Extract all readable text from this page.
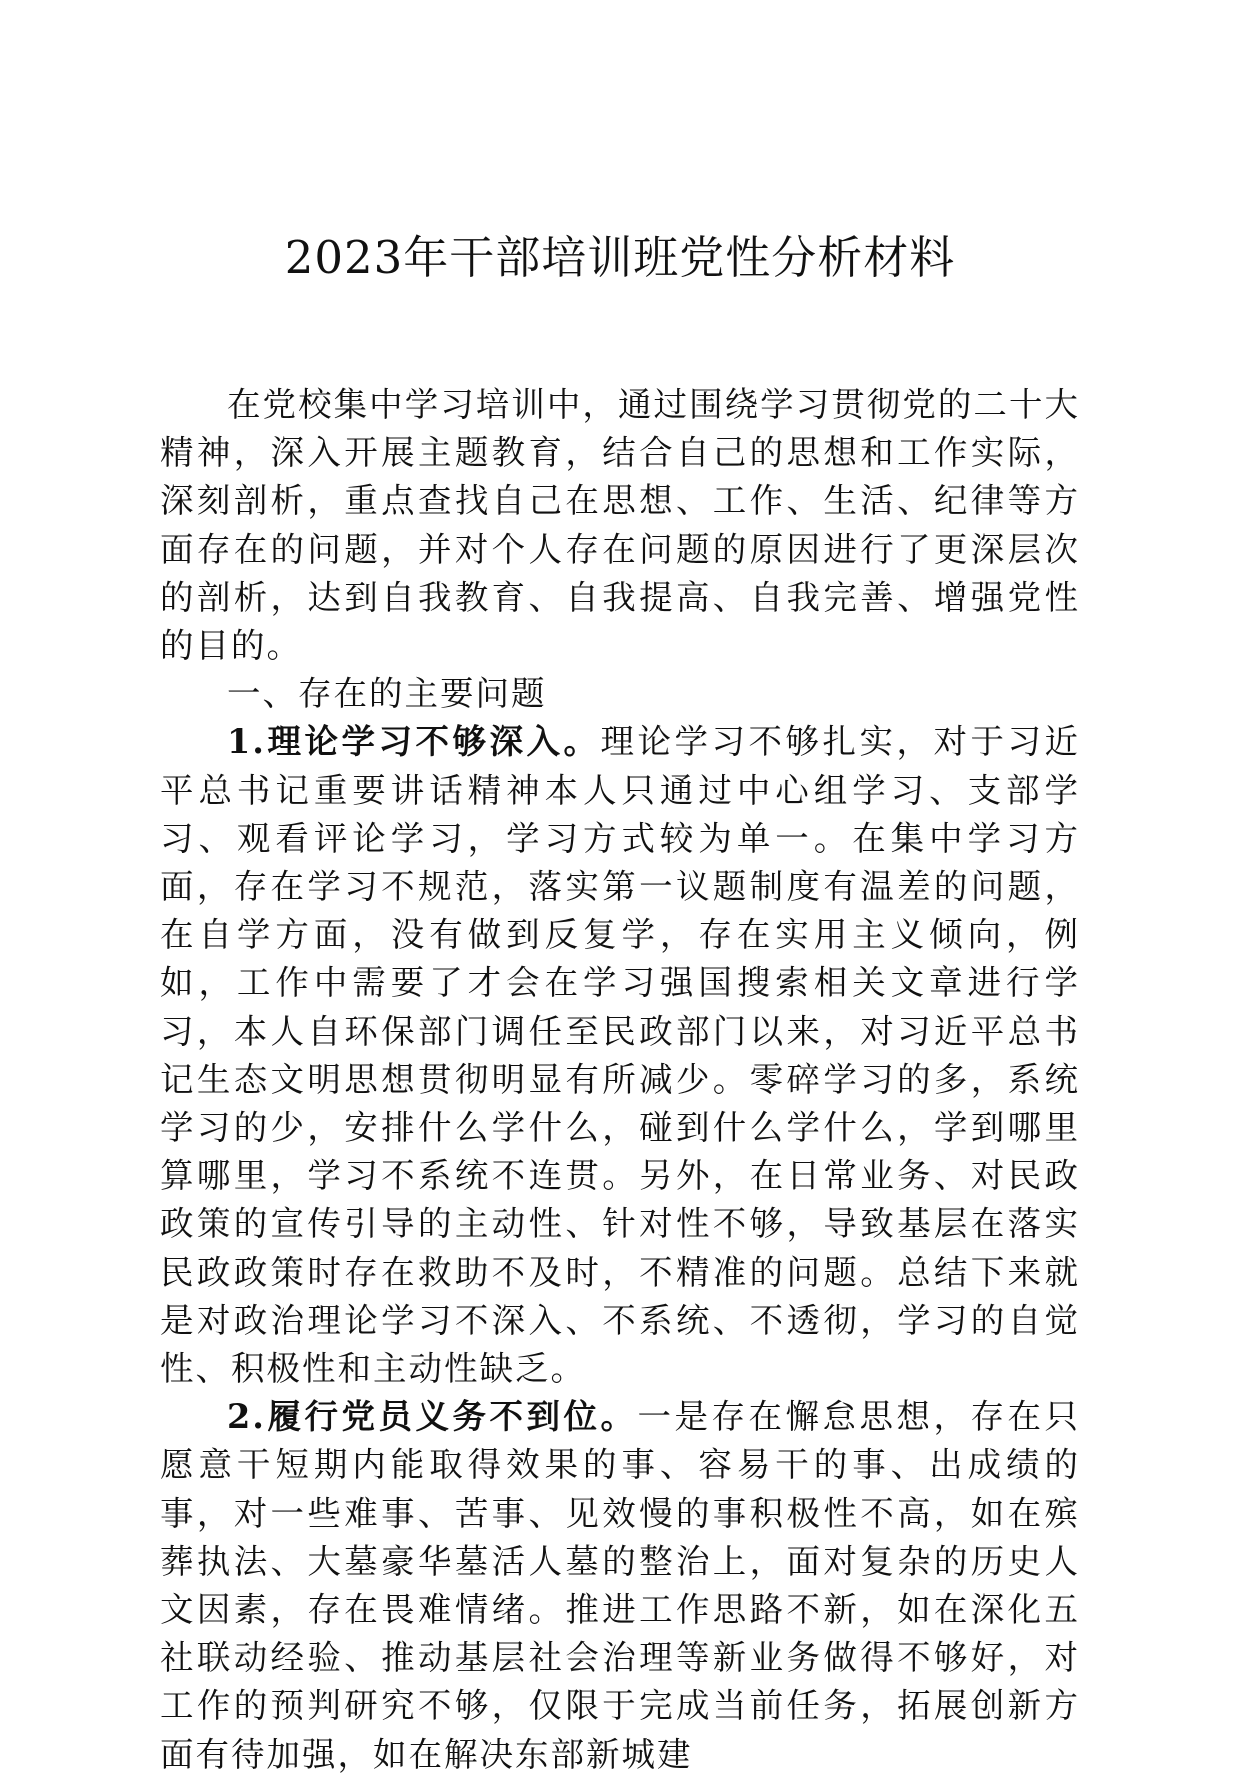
2023年干部培训班党性分析材料

在党校集中学习培训中，通过围绕学习贯彻党的二十大精神，深入开展主题教育，结合自己的思想和工作实际，深刻剖析，重点查找自己在思想、工作、生活、纪律等方面存在的问题，并对个人存在问题的原因进行了更深层次的剖析，达到自我教育、自我提高、自我完善、增强党性的目的。

一、存在的主要问题

1.理论学习不够深入。理论学习不够扎实，对于习近平总书记重要讲话精神本人只通过中心组学习、支部学习、观看评论学习，学习方式较为单一。在集中学习方面，存在学习不规范，落实第一议题制度有温差的问题，在自学方面，没有做到反复学，存在实用主义倾向，例如，工作中需要了才会在学习强国搜索相关文章进行学习，本人自环保部门调任至民政部门以来，对习近平总书记生态文明思想贯彻明显有所减少。零碎学习的多，系统学习的少，安排什么学什么，碰到什么学什么，学到哪里算哪里，学习不系统不连贯。另外，在日常业务、对民政政策的宣传引导的主动性、针对性不够，导致基层在落实民政政策时存在救助不及时，不精准的问题。总结下来就是对政治理论学习不深入、不系统、不透彻，学习的自觉性、积极性和主动性缺乏。

2.履行党员义务不到位。一是存在懈怠思想，存在只愿意干短期内能取得效果的事、容易干的事、出成绩的事，对一些难事、苦事、见效慢的事积极性不高，如在殡葬执法、大墓豪华墓活人墓的整治上，面对复杂的历史人文因素，存在畏难情绪。推进工作思路不新，如在深化五社联动经验、推动基层社会治理等新业务做得不够好，对工作的预判研究不够，仅限于完成当前任务，拓展创新方面有待加强，如在解决东部新城建
